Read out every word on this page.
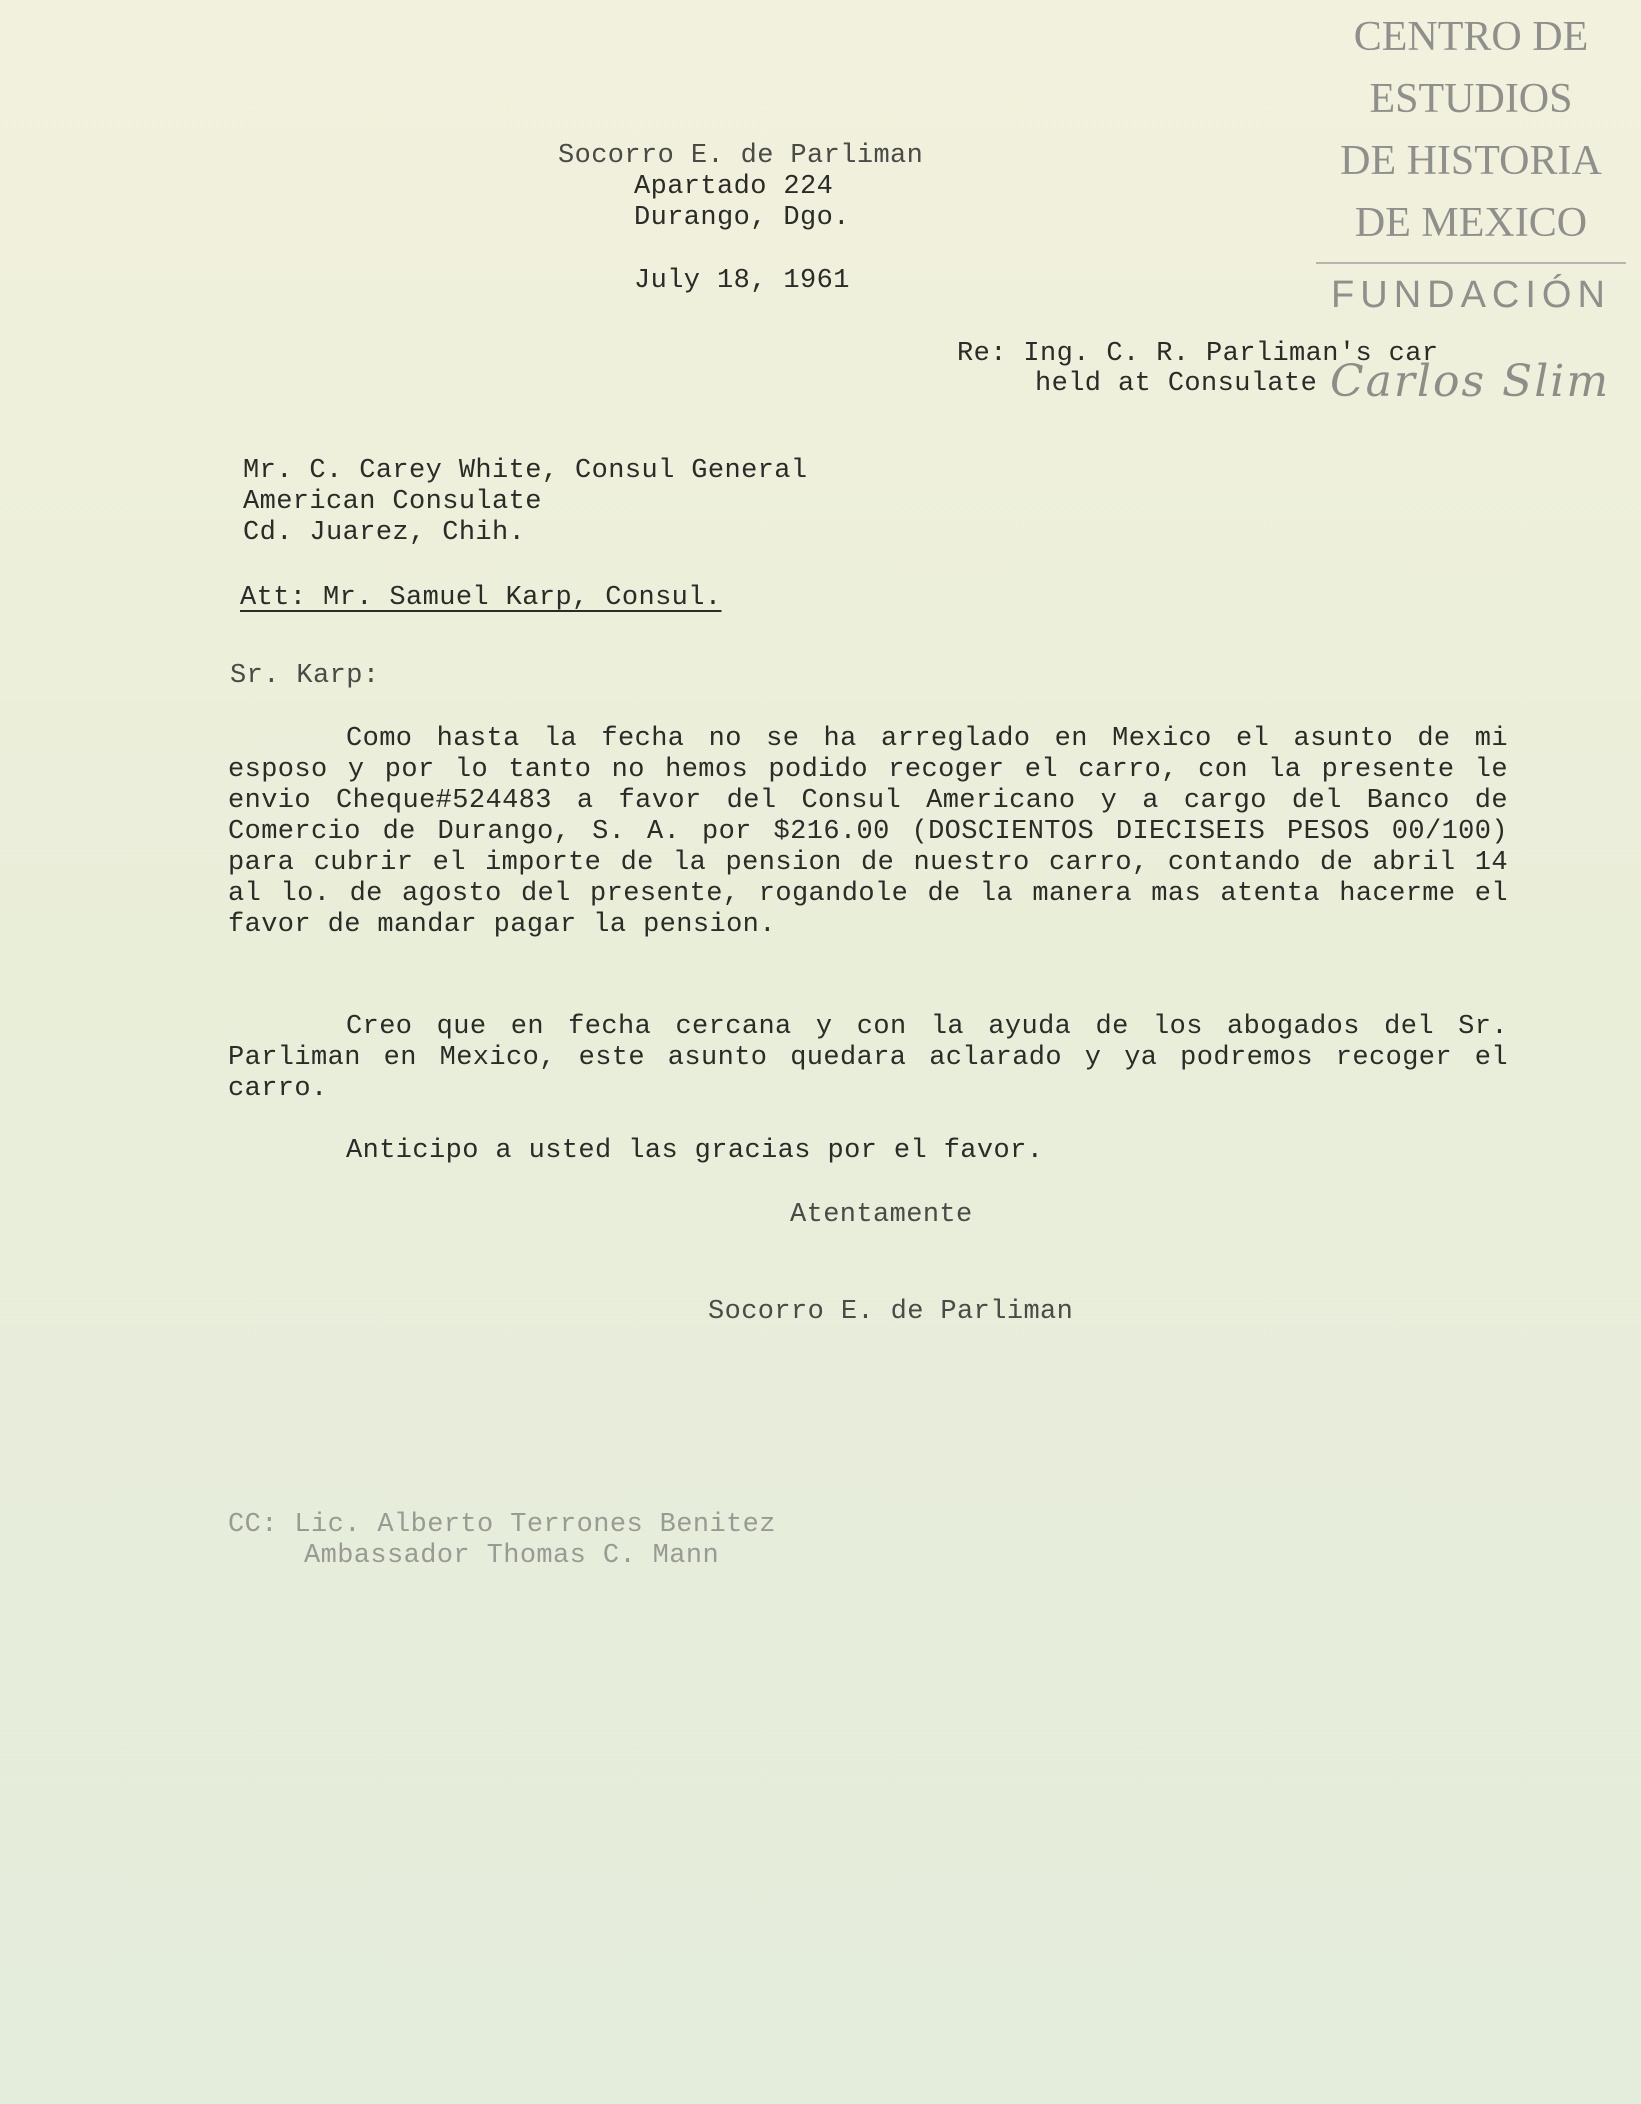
CENTRO DE
ESTUDIOS
DE HISTORIA
DE MEXICO
FUNDACIÓN
Carlos Slim
Socorro E. de Parliman
Apartado 224
Durango, Dgo.
July 18, 1961
Re: Ing. C. R. Parliman's car
held at Consulate
Mr. C. Carey White, Consul General
American Consulate
Cd. Juarez, Chih.
Att: Mr. Samuel Karp, Consul.
Sr. Karp:

Como hasta la fecha no se ha arreglado en Mexico el asunto de mi esposo y por lo tanto no hemos podido recoger el carro, con la presente le envio Cheque#524483 a favor del Consul Americano y a cargo del Banco de Comercio de Durango, S. A. por $216.00 (DOSCIENTOS DIECISEIS PESOS 00/100) para cubrir el importe de la pension de nuestro carro, contando de abril 14 al lo. de agosto del presente, rogandole de la manera mas atenta hacerme el favor de mandar pagar la pension.

Creo que en fecha cercana y con la ayuda de los abogados del Sr. Parliman en Mexico, este asunto quedara aclarado y ya podremos recoger el carro.

Anticipo a usted las gracias por el favor.

Atentamente
Socorro E. de Parliman
CC: Lic. Alberto Terrones Benitez
Ambassador Thomas C. Mann
